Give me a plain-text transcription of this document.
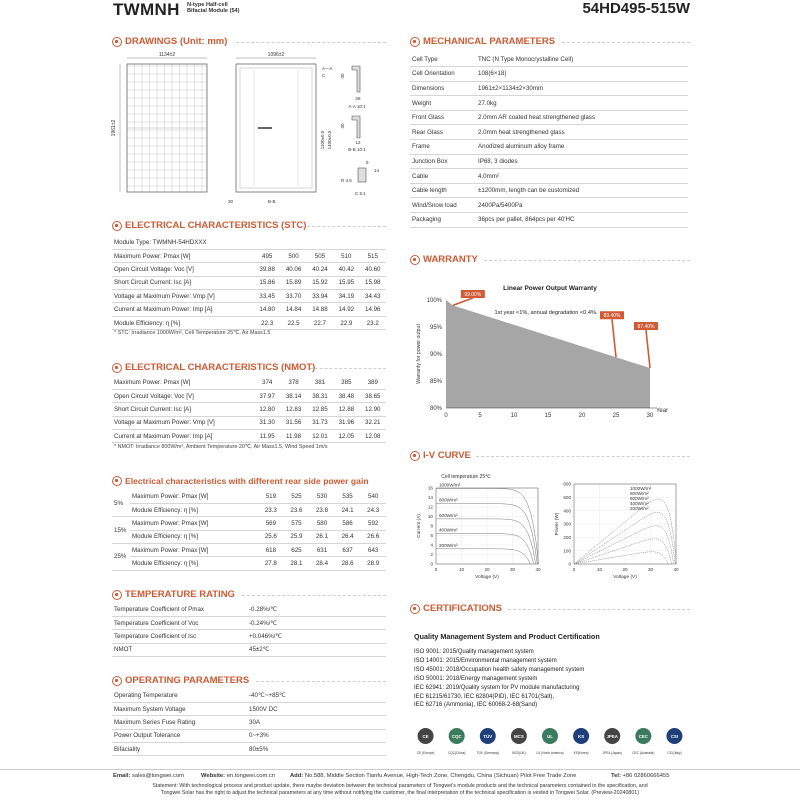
TWMNH N-type Half-cell
Bifacial Module (54)	54HD495-515W
DRAWINGS (Unit: mm)	MECHANICAL PARAMETERS
ELECTRICAL CHARACTERISTICS (STC)
ELECTRICAL CHARACTERISTICS (NMOT)
Electrical characteristics with different rear side power gain
TEMPERATURE RATING
OPERATING PARAMETERS
WARRANTY
I-V CURVE
CERTIFICATIONS
1134±2
1961±2
1096±2
A—A
C
1100±0.5 1400±0.5
30	B-B
30
28
A-A 10:1
30
12
B-B 10:1
9
14
R 4.5
C 5:1
Module Type: TWMNH-54HDXXX					
Maximum Power: Pmax [W]	495	500	505	510	515
Open Circuit Voltage: Voc [V]	39.88	40.06	40.24	40.42	40.60
Short Circuit Current: Isc [A]	15.86	15.89	15.92	15.95	15.98
Voltage at Maximum Power: Vmp [V]	33.45	33.70	33.94	34.19	34.43
Current at Maximum Power: Imp [A]	14.80	14.84	14.88	14.92	14.96
Module Efficiency: η [%]	22.3	22.5	22.7	22.9	23.2
* STC: Irradiance 1000W/m², Cell Temperature 25℃, Air Mass1.5
Maximum Power: Pmax [W]	374	378	381	385	389
Open Circuit Voltage: Voc [V]	37.97	38.14	38.31	38.48	38.65
Short Circuit Current: Isc [A]	12.80	12.83	12.85	12.88	12.90
Voltage at Maximum Power: Vmp [V]	31.30	31.56	31.73	31.96	32.21
Current at Maximum Power: Imp [A]	11.95	11.98	12.01	12.05	12.08
* NMOT: Irradiance 800W/m², Ambient Temperature 20℃, Air Mass1.5, Wind Speed 1m/s
5%	Maximum Power: Pmax [W]	519	525	530	535	540
	Module Efficiency: η [%]	23.3	23.6	23.8	24.1	24.3
15%	Maximum Power: Pmax [W]	569	575	580	586	592
	Module Efficiency: η [%]	25.6	25.9	26.1	26.4	26.6
25%	Maximum Power: Pmax [W]	618	625	631	637	643
	Module Efficiency: η [%]	27.8	28.1	28.4	28.6	28.9
Temperature Coefficient of Pmax	-0.28%/℃
Temperature Coefficient of Voc	-0.24%/℃
Temperature Coefficient of Isc	+0.046%/℃
NMOT	45±2℃
Operating Temperature	-40℃~+85℃
Maximum System Voltage	1500V DC
Maximum Series Fuse Rating	30A
Power Output Tolerance	0~+3%
Bifaciality	80±5%
Cell Type	TNC (N Type Monocrystalline Cell)
Cell Orientation	108(6×18)
Dimensions	1961±2×1134±2×30mm
Weight	27.0kg
Front Glass	2.0mm AR coated heat strengthened glass
Rear Glass	2.0mm heat strengthened glass
Frame	Anodized aluminum alloy frame
Junction Box	IP68, 3 diodes
Cable	4.0mm²
Cable length	±1200mm, length can be customized
Wind/Snow load	2400Pa/5400Pa
Packaging	36pcs per pallet, 864pcs per 40'HC
Linear Power Output Warranty
Warranty for power output
Year
80%
85%
90%
95%
100%
0	5	10	15	20	25	30
1st year <1%, annual degradation <0.4%.
99.00%
89.40%
87.40%
0
2
4
6
8
10
12
14
16
0	10	20	30	40
Voltage (V)
Current (A)
1000W/m²
800W/m²
600W/m²
400W/m²
200W/m²
Cell temperature 25℃
0
100
200
300
400
500
600
0	10	20	30	40
Voltage (V)
Power (W)
1000W/m²
800W/m²
600W/m²
400W/m²
200W/m²
Quality Management System and Product Certification
ISO 9001: 2015/Quality management system
ISO 14001: 2015/Environmental management system
ISO 45001: 2018/Occupation health safety management system
ISO 50001: 2018/Energy management system
IEC 62941: 2019/Quality system for PV module manufacturing
IEC 61215/61730, IEC 62804(PID), IEC 61701(Salt),
IEC 62716 (Ammonia), IEC 60068-2-68(Sand)
CE
CE (Europe)
CQC
CQC(China)
TÜV
TÜV (Germany)
MCS
MCS(UK)
UL
UL (North America)
KS
KS(Korea)
JPEA
JPEA (Japan)
CEC
CEC (Australia)
CSI
CSI (Italy)
Email: sales@tongwei.com	Website: en.tongwei.com.cn	Add: No.588, Middle Section Tianfu Avenue, High-Tech Zone, Chengdu, China (Sichuan) Pilot Free Trade Zone	Tel: +86 02860666455
Statement: With technological process and product update, there maybe deviation between the technical parameters of Tongwei's module products and the technical parameters contained in the specification, and
Tongwei Solar has the right to adjust the technical parameters at any time without notifying the customer, the final interpretation of the technical specification is vested in Tongwei Solar. (Preview-20240801)
